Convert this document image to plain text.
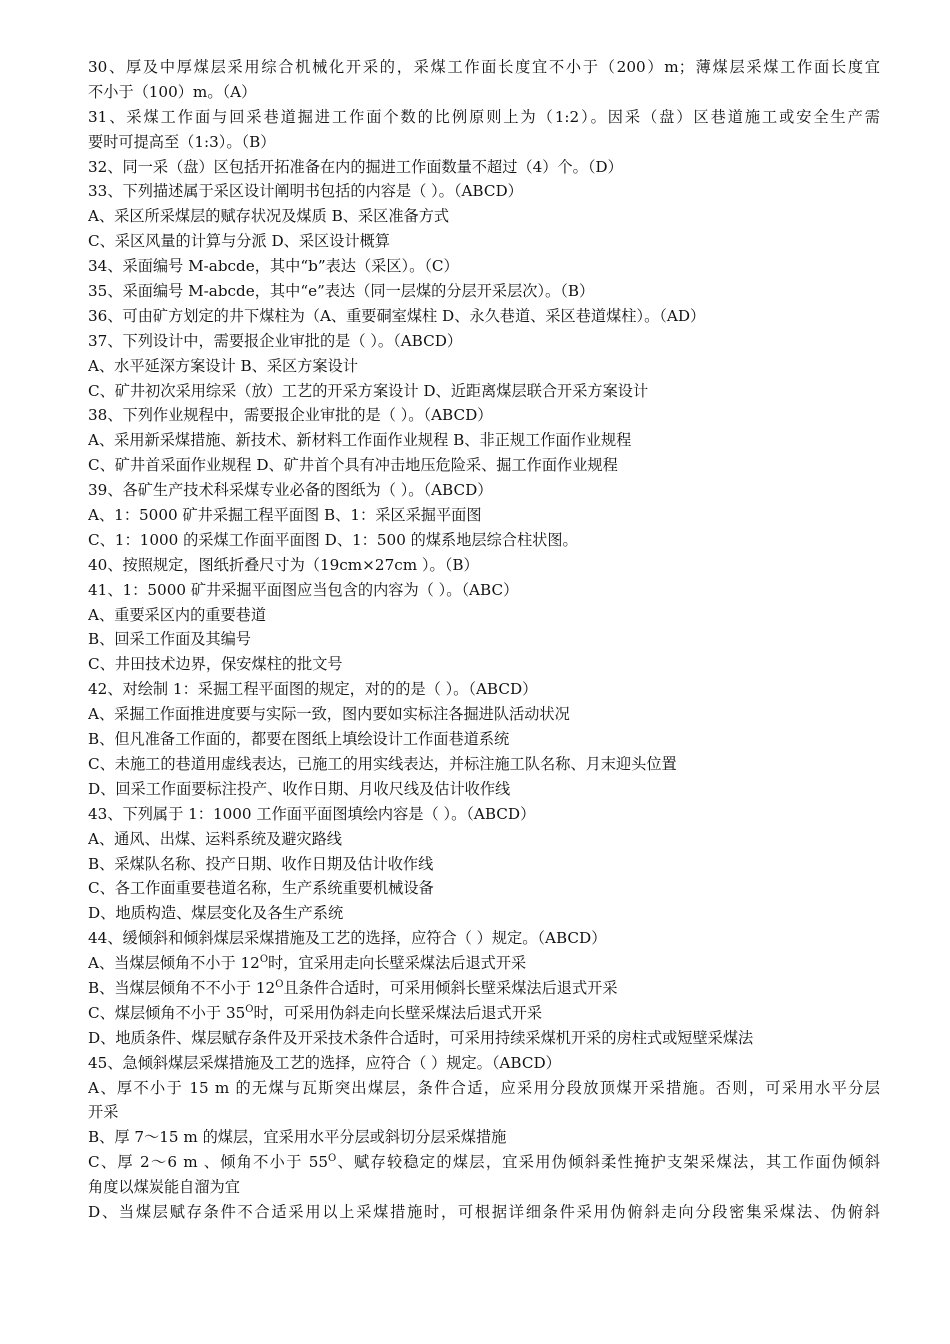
30、厚及中厚煤层采用综合机械化开采的，采煤工作面长度宜不小于（200）m；薄煤层采煤工作面长度宜
不小于（100）m。（A）
31、采煤工作面与回采巷道掘进工作面个数的比例原则上为（1:2）。因采（盘）区巷道施工或安全生产需
要时可提高至（1:3）。（B）
32、同一采（盘）区包括开拓准备在内的掘进工作面数量不超过（4）个。（D）
33、下列描述属于采区设计阐明书包括的内容是（ ）。（ABCD）
A、采区所采煤层的赋存状况及煤质 B、采区准备方式
C、采区风量的计算与分派 D、采区设计概算
34、采面编号 M-abcde，其中“b”表达（采区）。（C）
35、采面编号 M-abcde，其中“e”表达（同一层煤的分层开采层次）。（B）
36、可由矿方划定的井下煤柱为（A、重要硐室煤柱 D、永久巷道、采区巷道煤柱）。（AD）
37、下列设计中，需要报企业审批的是（ ）。（ABCD）
A、水平延深方案设计 B、采区方案设计
C、矿井初次采用综采（放）工艺的开采方案设计 D、近距离煤层联合开采方案设计
38、下列作业规程中，需要报企业审批的是（ ）。（ABCD）
A、采用新采煤措施、新技术、新材料工作面作业规程 B、非正规工作面作业规程
C、矿井首采面作业规程 D、矿井首个具有冲击地压危险采、掘工作面作业规程
39、各矿生产技术科采煤专业必备的图纸为（ ）。（ABCD）
A、1：5000 矿井采掘工程平面图 B、1：采区采掘平面图
C、1：1000 的采煤工作面平面图 D、1：500 的煤系地层综合柱状图。
40、按照规定，图纸折叠尺寸为（19cm×27cm ）。（B）
41、1：5000 矿井采掘平面图应当包含的内容为（ ）。（ABC）
A、重要采区内的重要巷道
B、回采工作面及其编号
C、井田技术边界，保安煤柱的批文号
42、对绘制 1：采掘工程平面图的规定，对的的是（ ）。（ABCD）
A、采掘工作面推进度要与实际一致，图内要如实标注各掘进队活动状况
B、但凡准备工作面的，都要在图纸上填绘设计工作面巷道系统
C、未施工的巷道用虚线表达，已施工的用实线表达，并标注施工队名称、月末迎头位置
D、回采工作面要标注投产、收作日期、月收尺线及估计收作线
43、下列属于 1：1000 工作面平面图填绘内容是（ ）。（ABCD）
A、通风、出煤、运料系统及避灾路线
B、采煤队名称、投产日期、收作日期及估计收作线
C、各工作面重要巷道名称，生产系统重要机械设备
D、地质构造、煤层变化及各生产系统
44、缓倾斜和倾斜煤层采煤措施及工艺的选择，应符合（ ）规定。（ABCD）
A、当煤层倾角不小于 $12^O$时，宜采用走向长壁采煤法后退式开采
B、当煤层倾角不不小于 $12^O$且条件合适时，可采用倾斜长壁采煤法后退式开采
C、煤层倾角不小于 $35^O$时，可采用伪斜走向长壁采煤法后退式开采
D、地质条件、煤层赋存条件及开采技术条件合适时，可采用持续采煤机开采的房柱式或短壁采煤法
45、急倾斜煤层采煤措施及工艺的选择，应符合（ ）规定。（ABCD）
A、厚不小于 15 m 的无煤与瓦斯突出煤层，条件合适，应采用分段放顶煤开采措施。否则，可采用水平分层
开采
B、厚 7～15 m 的煤层，宜采用水平分层或斜切分层采煤措施
C、厚 2～6 m 、倾角不小于 $55^O$、赋存较稳定的煤层，宜采用伪倾斜柔性掩护支架采煤法，其工作面伪倾斜
角度以煤炭能自溜为宜
D、当煤层赋存条件不合适采用以上采煤措施时，可根据详细条件采用伪俯斜走向分段密集采煤法、伪俯斜
